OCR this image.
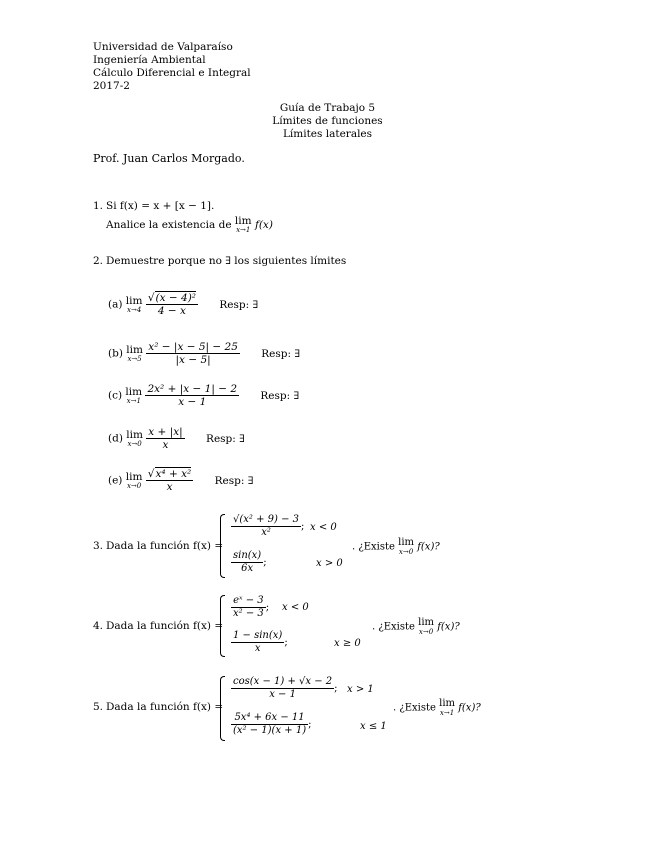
Universidad de Valparaíso
Ingeniería Ambiental
Cálculo Diferencial e Integral
2017-2
Guía de Trabajo 5
Límites de funciones
Límites laterales
Prof. Juan Carlos Morgado.
1. Si f(x) = x + [x − 1].
Analice la existencia de lim
x→1 f(x)
2. Demuestre porque no ∃ los siguientes límites
(a) lim
x→4
$\frac{\text{√(x − 4)²}}{4 - x}$ Resp: ∃
(b) lim
x→5
$\frac{\text{x² − |x − 5| − 25}}{|x - 5|}$ Resp: ∃
(c) lim
x→1
$\frac{\text{2x² + |x − 1| − 2}}{x - 1}$ Resp: ∃
(d) lim
x→0
$\frac{x + |x|}{x}$ Resp: ∃
(e) lim
x→0
$\frac{\text{√x⁴ + x²}}{x}$ Resp: ∃
3. Dada la función f(x) =
$\frac{\text{√(x² + 9) − 3}}{\text{x²}}$ ; x < 0
$\frac{\sin(x)}{6x}$ ;	x > 0
. ¿Existe lim
x→0 f(x)?
4. Dada la función f(x) =
$\frac{\text{eˣ − 3}}{\text{x² − 3}}$ ; x < 0
$\frac{1 - \sin(x)}{x}$ ;	x ≥ 0
. ¿Existe lim
x→0 f(x)?
5. Dada la función f(x) =
$\frac{\cos(x - 1) + √x - 2}{x - 1}$ ; x > 1
$\frac{\text{5x⁴ + 6x − 11}}{\text{(x² − 1)(x + 1)}}$ ;	x ≤ 1
. ¿Existe lim
x→1 f(x)?
